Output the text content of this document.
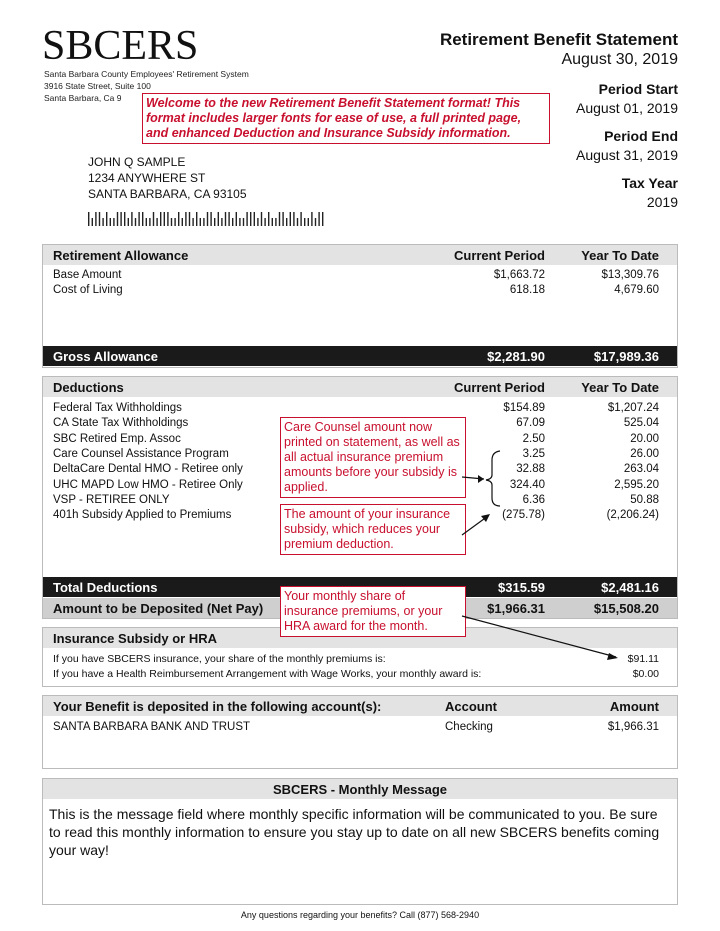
SBCERS
Santa Barbara County Employees' Retirement System
3916 State Street, Suite 100
Santa Barbara, Ca 9
Retirement Benefit Statement
August 30, 2019
Period Start
August 01, 2019
Period End
August 31, 2019
Tax Year
2019
JOHN Q SAMPLE
1234 ANYWHERE ST
SANTA BARBARA, CA 93105
Welcome to the new Retirement Benefit Statement format! This format includes larger fonts for ease of use, a full printed page, and enhanced Deduction and Insurance Subsidy information.
Retirement Allowance	Current Period	Year To Date
Base Amount	$1,663.72	$13,309.76
Cost of Living	618.18	4,679.60
Gross Allowance	$2,281.90	$17,989.36
Deductions	Current Period	Year To Date
Federal Tax Withholdings	$154.89	$1,207.24
CA State Tax Withholdings	67.09	525.04
SBC Retired Emp. Assoc	2.50	20.00
Care Counsel Assistance Program	3.25	26.00
DeltaCare Dental HMO - Retiree only	32.88	263.04
UHC MAPD Low HMO - Retiree Only	324.40	2,595.20
VSP - RETIREE ONLY	6.36	50.88
401h Subsidy Applied to Premiums	(275.78)	(2,206.24)
Total Deductions	$315.59	$2,481.16
Amount to be Deposited (Net Pay)	$1,966.31	$15,508.20
Insurance Subsidy or HRA
If you have SBCERS insurance, your share of the monthly premiums is:	$91.11
If you have a Health Reimbursement Arrangement with Wage Works, your monthly award is:	$0.00
Your Benefit is deposited in the following account(s):	Account	Amount
SANTA BARBARA BANK AND TRUST	Checking	$1,966.31
SBCERS - Monthly Message
This is the message field where monthly specific information will be communicated to you. Be sure to read this monthly information to ensure you stay up to date on all new SBCERS benefits coming your way!
Any questions regarding your benefits? Call (877) 568-2940
Care Counsel amount now printed on statement, as well as all actual insurance premium amounts before your subsidy is applied.
The amount of your insurance subsidy, which reduces your premium deduction.
Your monthly share of insurance premiums, or your HRA award for the month.
